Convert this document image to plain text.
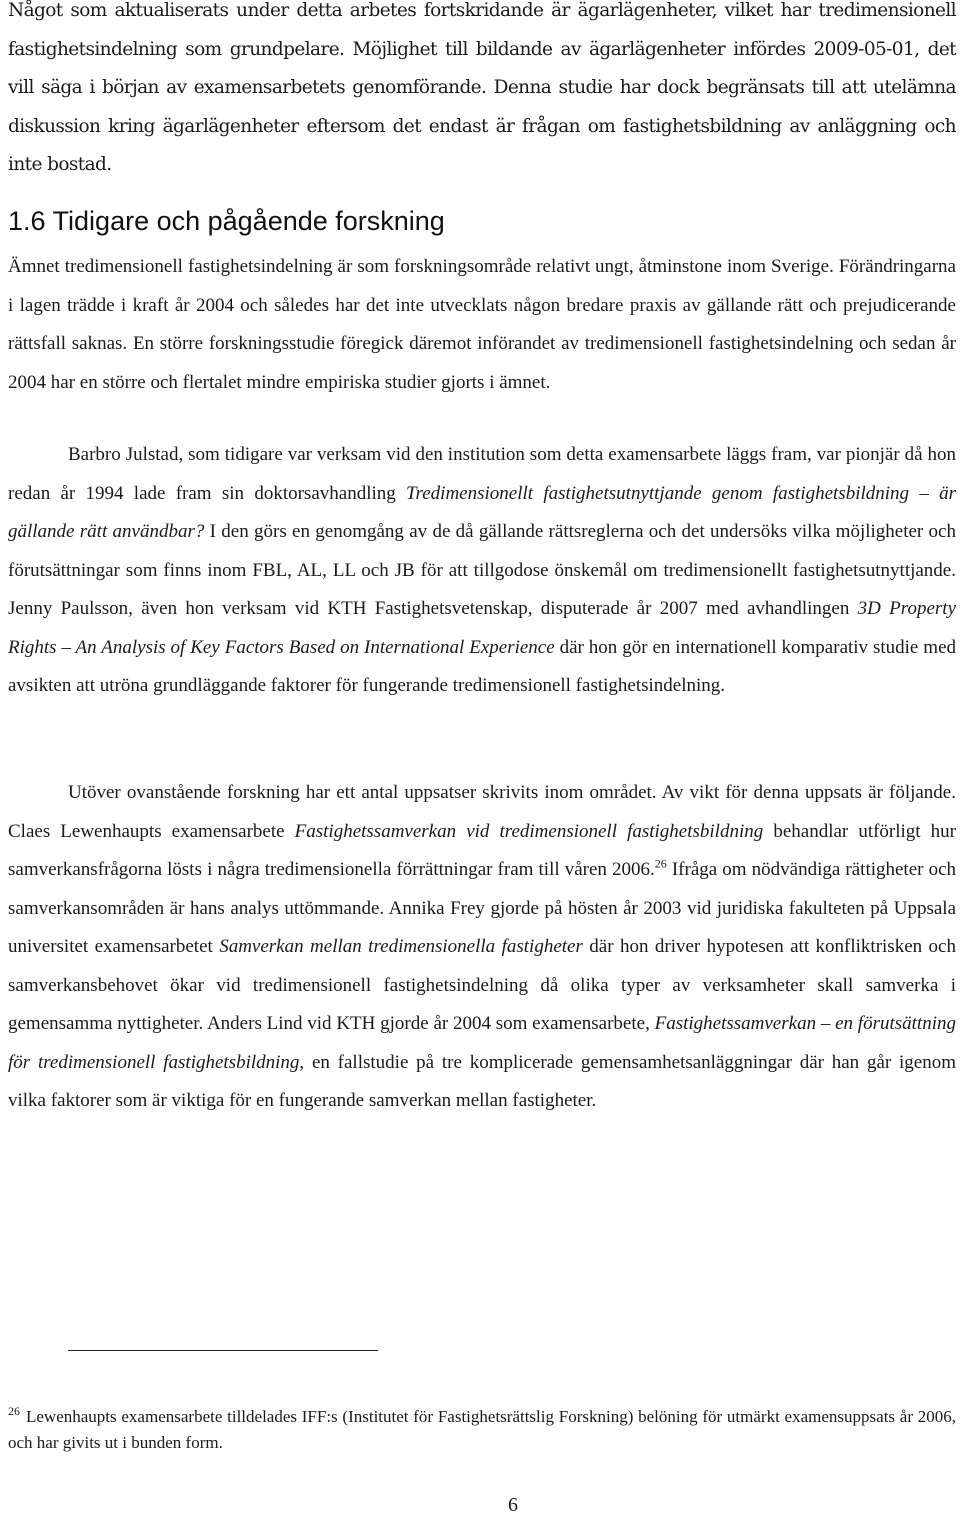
Något som aktualiserats under detta arbetes fortskridande är ägarlägenheter, vilket har tredimensionell fastighetsindelning som grundpelare. Möjlighet till bildande av ägarlägenheter infördes 2009-05-01, det vill säga i början av examensarbetets genomförande. Denna studie har dock begränsats till att utelämna diskussion kring ägarlägenheter eftersom det endast är frågan om fastighetsbildning av anläggning och inte bostad.

1.6 Tidigare och pågående forskning

Ämnet tredimensionell fastighetsindelning är som forskningsområde relativt ungt, åtminstone inom Sverige. Förändringarna i lagen trädde i kraft år 2004 och således har det inte utvecklats någon bredare praxis av gällande rätt och prejudicerande rättsfall saknas. En större forskningsstudie föregick däremot införandet av tredimensionell fastighetsindelning och sedan år 2004 har en större och flertalet mindre empiriska studier gjorts i ämnet.

Barbro Julstad, som tidigare var verksam vid den institution som detta examensarbete läggs fram, var pionjär då hon redan år 1994 lade fram sin doktorsavhandling Tredimensionellt fastighetsutnyttjande genom fastighetsbildning – är gällande rätt användbar? I den görs en genomgång av de då gällande rättsreglerna och det undersöks vilka möjligheter och förutsättningar som finns inom FBL, AL, LL och JB för att tillgodose önskemål om tredimensionellt fastighetsutnyttjande. Jenny Paulsson, även hon verksam vid KTH Fastighetsvetenskap, disputerade år 2007 med avhandlingen 3D Property Rights – An Analysis of Key Factors Based on International Experience där hon gör en internationell komparativ studie med avsikten att utröna grundläggande faktorer för fungerande tredimensionell fastighetsindelning.

Utöver ovanstående forskning har ett antal uppsatser skrivits inom området. Av vikt för denna uppsats är följande. Claes Lewenhaupts examensarbete Fastighetssamverkan vid tredimensionell fastighetsbildning behandlar utförligt hur samverkansfrågorna lösts i några tredimensionella förrättningar fram till våren 2006.26 Ifråga om nödvändiga rättigheter och samverkansområden är hans analys uttömmande. Annika Frey gjorde på hösten år 2003 vid juridiska fakulteten på Uppsala universitet examensarbetet Samverkan mellan tredimensionella fastigheter där hon driver hypotesen att konfliktrisken och samverkansbehovet ökar vid tredimensionell fastighetsindelning då olika typer av verksamheter skall samverka i gemensamma nyttigheter. Anders Lind vid KTH gjorde år 2004 som examensarbete, Fastighetssamverkan – en förutsättning för tredimensionell fastighetsbildning, en fallstudie på tre komplicerade gemensamhetsanläggningar där han går igenom vilka faktorer som är viktiga för en fungerande samverkan mellan fastigheter.

$^{26}$ Lewenhaupts examensarbete tilldelades IFF:s (Institutet för Fastighetsrättslig Forskning) belöning för utmärkt examensuppsats år 2006, och har givits ut i bunden form.

6
